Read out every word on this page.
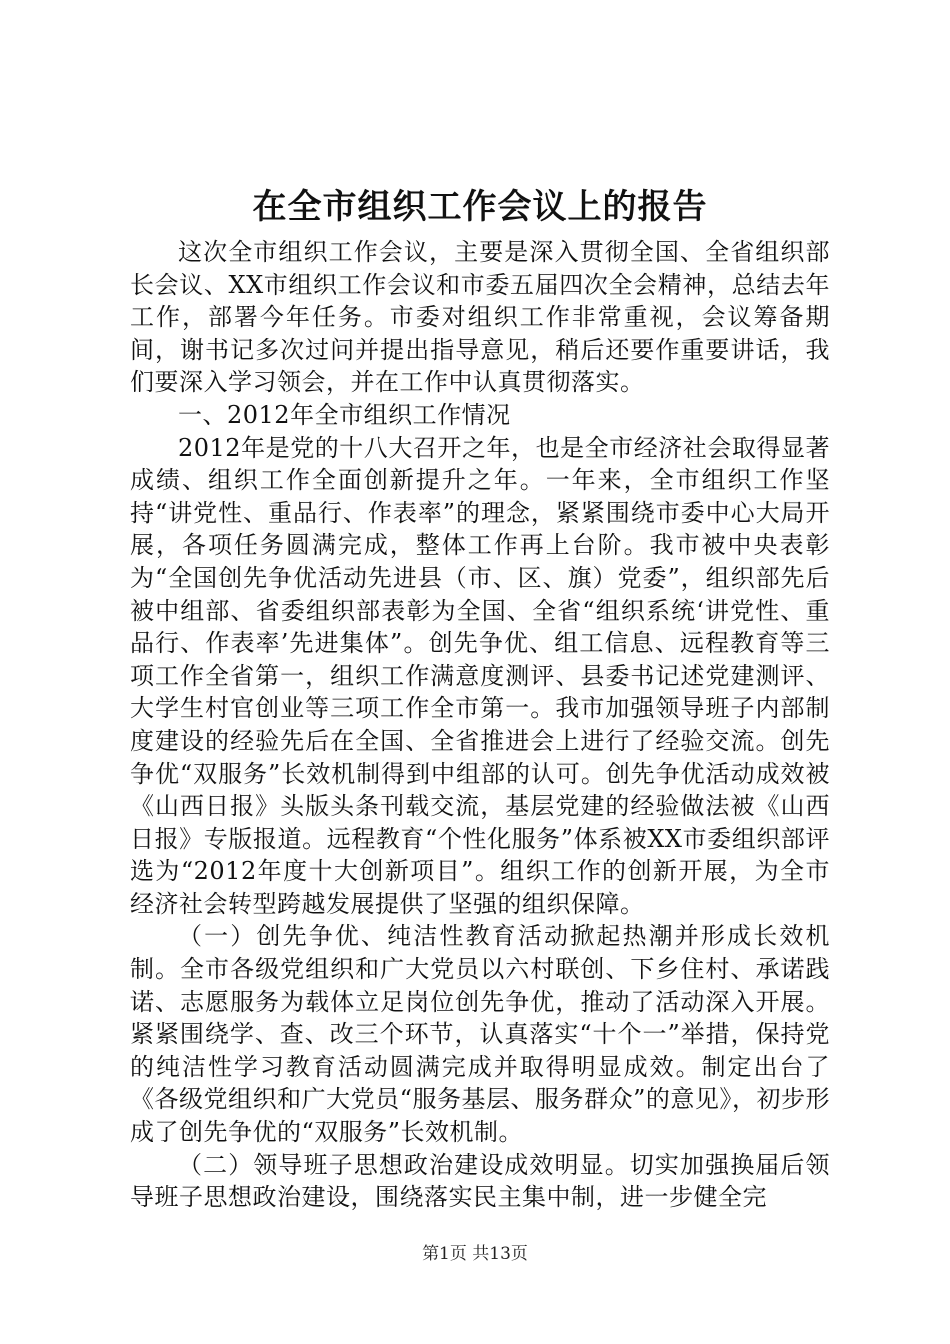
在全市组织工作会议上的报告

这次全市组织工作会议，主要是深入贯彻全国、全省组织部长会议、XX市组织工作会议和市委五届四次全会精神，总结去年工作，部署今年任务。市委对组织工作非常重视，会议筹备期间，谢书记多次过问并提出指导意见，稍后还要作重要讲话，我们要深入学习领会，并在工作中认真贯彻落实。

一、2012年全市组织工作情况

2012年是党的十八大召开之年，也是全市经济社会取得显著成绩、组织工作全面创新提升之年。一年来，全市组织工作坚持“讲党性、重品行、作表率”的理念，紧紧围绕市委中心大局开展，各项任务圆满完成，整体工作再上台阶。我市被中央表彰为“全国创先争优活动先进县（市、区、旗）党委”，组织部先后被中组部、省委组织部表彰为全国、全省“组织系统‘讲党性、重品行、作表率’先进集体”。创先争优、组工信息、远程教育等三项工作全省第一，组织工作满意度测评、县委书记述党建测评、大学生村官创业等三项工作全市第一。我市加强领导班子内部制度建设的经验先后在全国、全省推进会上进行了经验交流。创先争优“双服务”长效机制得到中组部的认可。创先争优活动成效被《山西日报》头版头条刊载交流，基层党建的经验做法被《山西日报》专版报道。远程教育“个性化服务”体系被XX市委组织部评选为“2012年度十大创新项目”。组织工作的创新开展，为全市经济社会转型跨越发展提供了坚强的组织保障。

（一）创先争优、纯洁性教育活动掀起热潮并形成长效机制。全市各级党组织和广大党员以六村联创、下乡住村、承诺践诺、志愿服务为载体立足岗位创先争优，推动了活动深入开展。紧紧围绕学、查、改三个环节，认真落实“十个一”举措，保持党的纯洁性学习教育活动圆满完成并取得明显成效。制定出台了《各级党组织和广大党员“服务基层、服务群众”的意见》，初步形成了创先争优的“双服务”长效机制。

（二）领导班子思想政治建设成效明显。切实加强换届后领导班子思想政治建设，围绕落实民主集中制，进一步健全完

第1页 共13页
